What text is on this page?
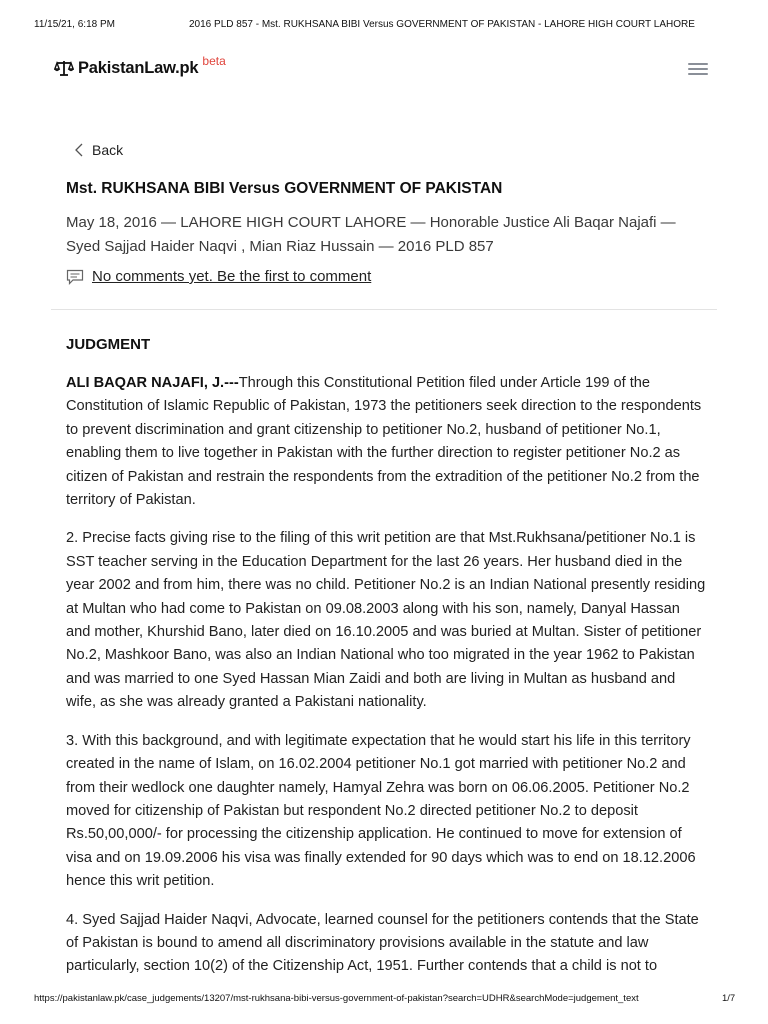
11/15/21, 6:18 PM	2016 PLD 857 - Mst. RUKHSANA BIBI Versus GOVERNMENT OF PAKISTAN - LAHORE HIGH COURT LAHORE
PakistanLaw.pk beta
Back
Mst. RUKHSANA BIBI Versus GOVERNMENT OF PAKISTAN
May 18, 2016 — LAHORE HIGH COURT LAHORE — Honorable Justice Ali Baqar Najafi — Syed Sajjad Haider Naqvi , Mian Riaz Hussain — 2016 PLD 857
No comments yet. Be the first to comment
JUDGMENT

ALI BAQAR NAJAFI, J.---Through this Constitutional Petition filed under Article 199 of the Constitution of Islamic Republic of Pakistan, 1973 the petitioners seek direction to the respondents to prevent discrimination and grant citizenship to petitioner No.2, husband of petitioner No.1, enabling them to live together in Pakistan with the further direction to register petitioner No.2 as citizen of Pakistan and restrain the respondents from the extradition of the petitioner No.2 from the territory of Pakistan.

2. Precise facts giving rise to the filing of this writ petition are that Mst.Rukhsana/petitioner No.1 is SST teacher serving in the Education Department for the last 26 years. Her husband died in the year 2002 and from him, there was no child. Petitioner No.2 is an Indian National presently residing at Multan who had come to Pakistan on 09.08.2003 along with his son, namely, Danyal Hassan and mother, Khurshid Bano, later died on 16.10.2005 and was buried at Multan. Sister of petitioner No.2, Mashkoor Bano, was also an Indian National who too migrated in the year 1962 to Pakistan and was married to one Syed Hassan Mian Zaidi and both are living in Multan as husband and wife, as she was already granted a Pakistani nationality.

3. With this background, and with legitimate expectation that he would start his life in this territory created in the name of Islam, on 16.02.2004 petitioner No.1 got married with petitioner No.2 and from their wedlock one daughter namely, Hamyal Zehra was born on 06.06.2005. Petitioner No.2 moved for citizenship of Pakistan but respondent No.2 directed petitioner No.2 to deposit Rs.50,00,000/- for processing the citizenship application. He continued to move for extension of visa and on 19.09.2006 his visa was finally extended for 90 days which was to end on 18.12.2006 hence this writ petition.

4. Syed Sajjad Haider Naqvi, Advocate, learned counsel for the petitioners contends that the State of Pakistan is bound to amend all discriminatory provisions available in the statute and law particularly, section 10(2) of the Citizenship Act, 1951. Further contends that a child is not to

https://pakistanlaw.pk/case_judgements/13207/mst-rukhsana-bibi-versus-government-of-pakistan?search=UDHR&searchMode=judgement_text	1/7
